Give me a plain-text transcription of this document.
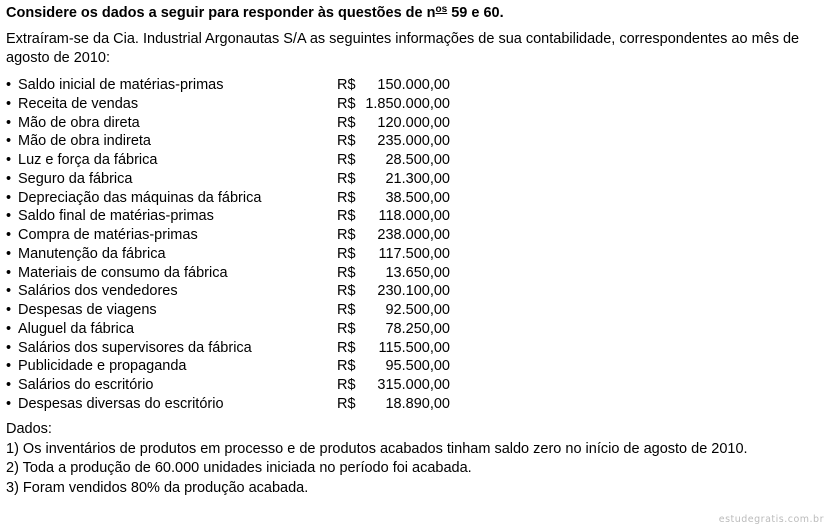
Considere os dados a seguir para responder às questões de $n^{os}$ 59 e 60.
Extraíram-se da Cia. Industrial Argonautas S/A as seguintes informações de sua contabilidade, correspondentes ao mês de agosto de 2010:
• Saldo inicial de matérias-primas	R$ 150.000,00
• Receita de vendas	R$ 1.850.000,00
• Mão de obra direta	R$ 120.000,00
• Mão de obra indireta	R$ 235.000,00
• Luz e força da fábrica	R$ 28.500,00
• Seguro da fábrica	R$ 21.300,00
• Depreciação das máquinas da fábrica	R$ 38.500,00
• Saldo final de matérias-primas	R$ 118.000,00
• Compra de matérias-primas	R$ 238.000,00
• Manutenção da fábrica	R$ 117.500,00
• Materiais de consumo da fábrica	R$ 13.650,00
• Salários dos vendedores	R$ 230.100,00
• Despesas de viagens	R$ 92.500,00
• Aluguel da fábrica	R$ 78.250,00
• Salários dos supervisores da fábrica	R$ 115.500,00
• Publicidade e propaganda	R$ 95.500,00
• Salários do escritório	R$ 315.000,00
• Despesas diversas do escritório	R$ 18.890,00
Dados:
1) Os inventários de produtos em processo e de produtos acabados tinham saldo zero no início de agosto de 2010.
2) Toda a produção de 60.000 unidades iniciada no período foi acabada.
3) Foram vendidos 80% da produção acabada.
estudegratis.com.br
